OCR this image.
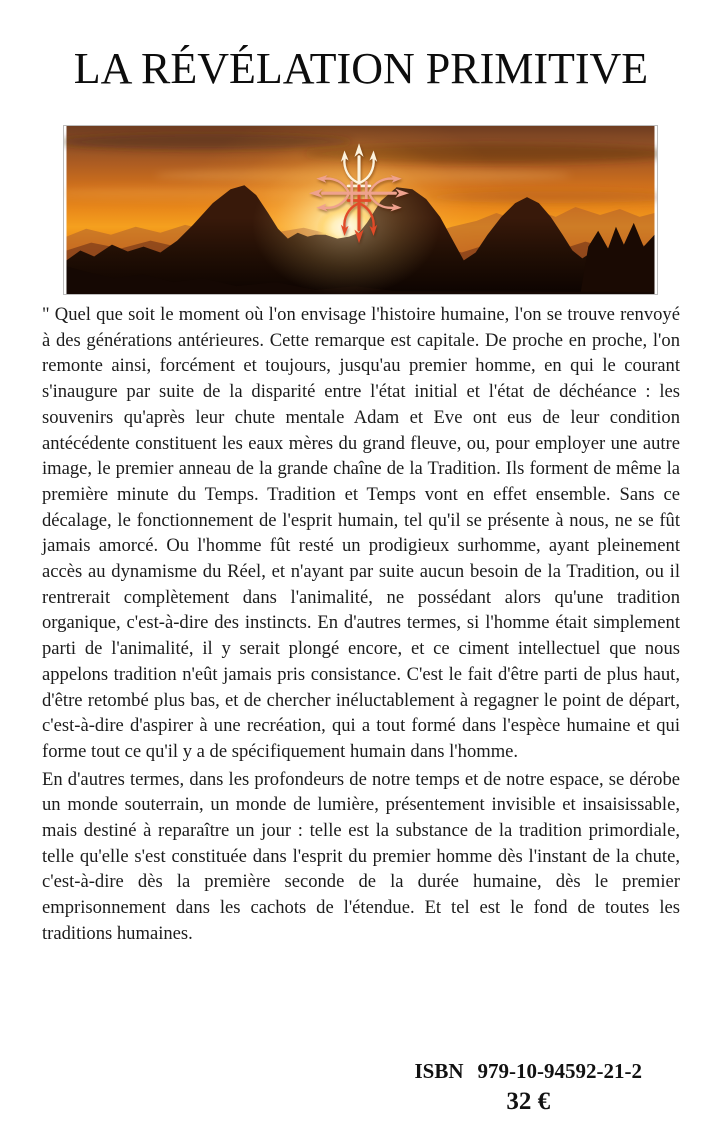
LA RÉVÉLATION PRIMITIVE

" Quel que soit le moment où l'on envisage l'histoire humaine, l'on se trouve renvoyé à des générations antérieures. Cette remarque est capitale. De proche en proche, l'on remonte ainsi, forcément et toujours, jusqu'au premier homme, en qui le courant s'inaugure par suite de la disparité entre l'état initial et l'état de déchéance : les souvenirs qu'après leur chute mentale Adam et Eve ont eus de leur condition antécédente constituent les eaux mères du grand fleuve, ou, pour employer une autre image, le premier anneau de la grande chaîne de la Tradition. Ils forment de même la première minute du Temps. Tradition et Temps vont en effet ensemble. Sans ce décalage, le fonctionnement de l'esprit humain, tel qu'il se présente à nous, ne se fût jamais amorcé. Ou l'homme fût resté un prodigieux surhomme, ayant pleinement accès au dynamisme du Réel, et n'ayant par suite aucun besoin de la Tradition, ou il rentrerait complètement dans l'animalité, ne possédant alors qu'une tradition organique, c'est-à-dire des instincts. En d'autres termes, si l'homme était simplement parti de l'animalité, il y serait plongé encore, et ce ciment intellectuel que nous appelons tradition n'eût jamais pris consistance. C'est le fait d'être parti de plus haut, d'être retombé plus bas, et de chercher inéluctablement à regagner le point de départ, c'est-à-dire d'aspirer à une recréation, qui a tout formé dans l'espèce humaine et qui forme tout ce qu'il y a de spécifiquement humain dans l'homme.

En d'autres termes, dans les profondeurs de notre temps et de notre espace, se dérobe un monde souterrain, un monde de lumière, présentement invisible et insaisissable, mais destiné à reparaître un jour : telle est la substance de la tradition primordiale, telle qu'elle s'est constituée dans l'esprit du premier homme dès l'instant de la chute, c'est-à-dire dès la première seconde de la durée humaine, dès le premier emprisonnement dans les cachots de l'étendue. Et tel est le fond de toutes les traditions humaines.

ISBN 979-10-94592-21-2
32 €
